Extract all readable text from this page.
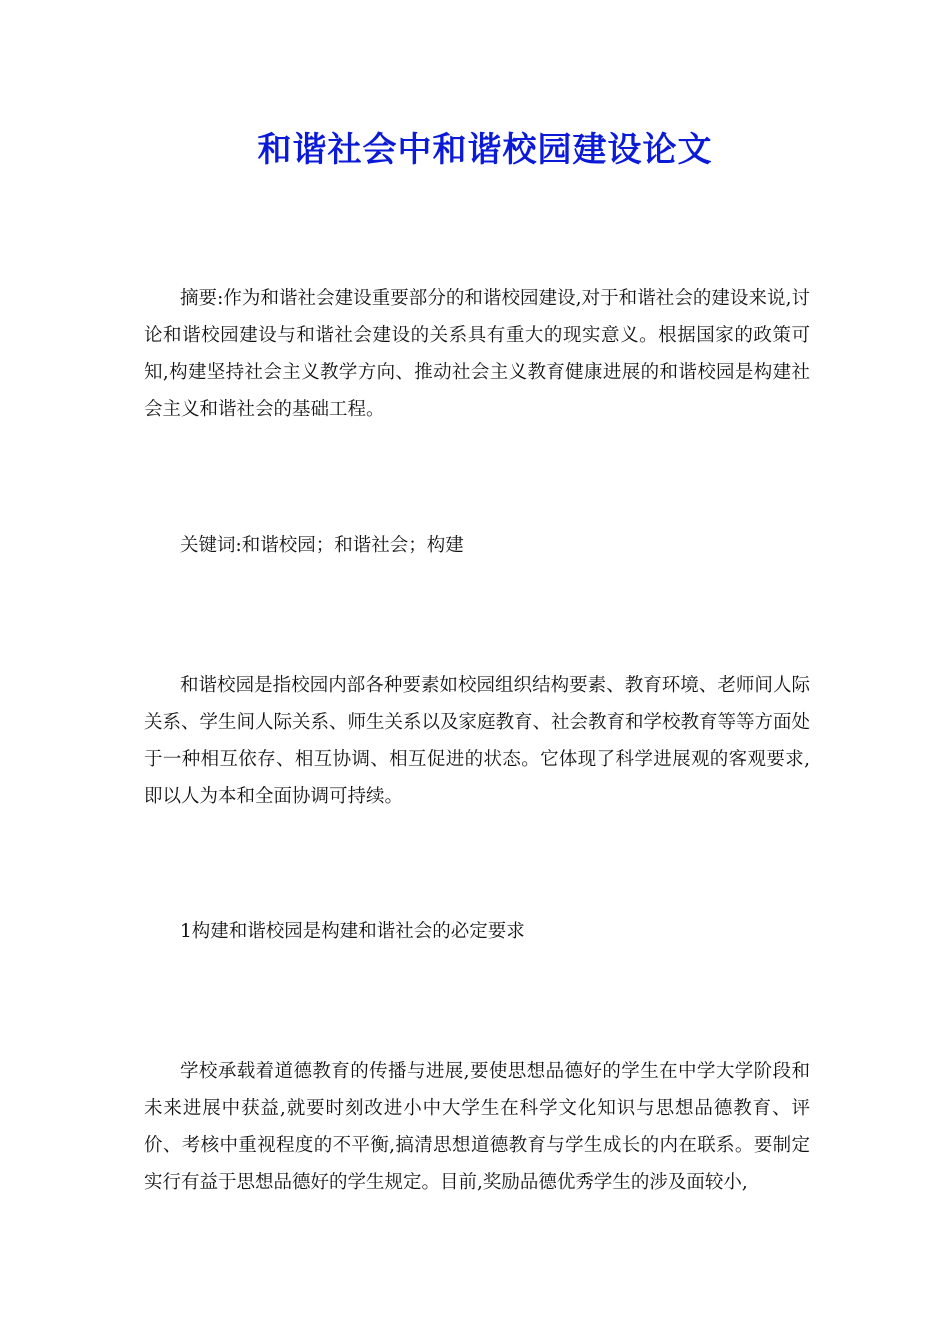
和谐社会中和谐校园建设论文

摘要:作为和谐社会建设重要部分的和谐校园建设,对于和谐社会的建设来说,讨论和谐校园建设与和谐社会建设的关系具有重大的现实意义。根据国家的政策可知,构建坚持社会主义教学方向、推动社会主义教育健康进展的和谐校园是构建社会主义和谐社会的基础工程。

关键词:和谐校园；和谐社会；构建

和谐校园是指校园内部各种要素如校园组织结构要素、教育环境、老师间人际关系、学生间人际关系、师生关系以及家庭教育、社会教育和学校教育等等方面处于一种相互依存、相互协调、相互促进的状态。它体现了科学进展观的客观要求,即以人为本和全面协调可持续。

1构建和谐校园是构建和谐社会的必定要求

学校承载着道德教育的传播与进展,要使思想品德好的学生在中学大学阶段和未来进展中获益,就要时刻改进小中大学生在科学文化知识与思想品德教育、评价、考核中重视程度的不平衡,搞清思想道德教育与学生成长的内在联系。要制定实行有益于思想品德好的学生规定。目前,奖励品德优秀学生的涉及面较小,
